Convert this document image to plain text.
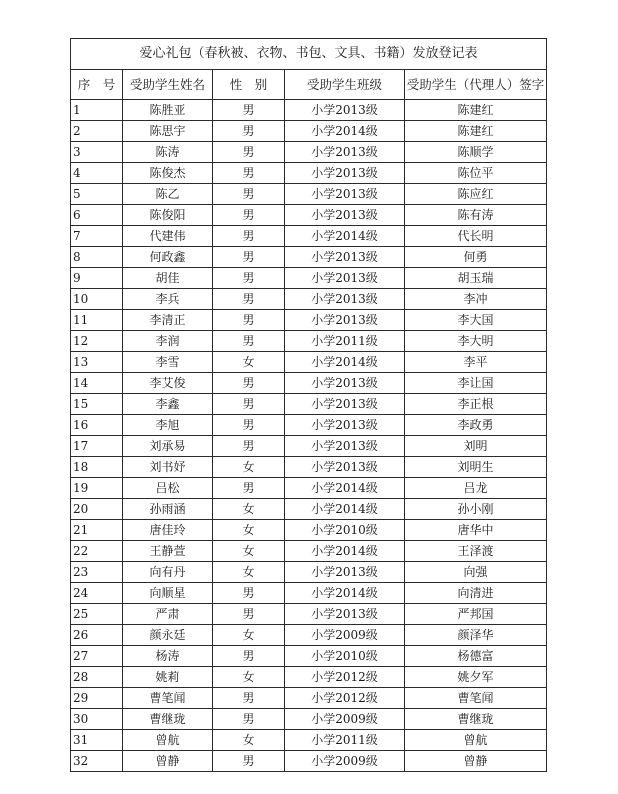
爱心礼包（春秋被、衣物、书包、文具、书籍）发放登记表				
序　号	受助学生姓名	性　别	受助学生班级	受助学生（代理人）签字
1	陈胜亚	男	小学2013级	陈建红
2	陈思宇	男	小学2014级	陈建红
3	陈涛	男	小学2013级	陈顺学
4	陈俊杰	男	小学2013级	陈位平
5	陈乙	男	小学2013级	陈应红
6	陈俊阳	男	小学2013级	陈有涛
7	代建伟	男	小学2014级	代长明
8	何政鑫	男	小学2013级	何勇
9	胡佳	男	小学2013级	胡玉瑞
10	李兵	男	小学2013级	李冲
11	李清正	男	小学2013级	李大国
12	李润	男	小学2011级	李大明
13	李雪	女	小学2014级	李平
14	李艾俊	男	小学2013级	李让国
15	李鑫	男	小学2013级	李正根
16	李旭	男	小学2013级	李政勇
17	刘承易	男	小学2013级	刘明
18	刘书妤	女	小学2013级	刘明生
19	吕松	男	小学2014级	吕龙
20	孙雨涵	女	小学2014级	孙小刚
21	唐佳玲	女	小学2010级	唐华中
22	王静萱	女	小学2014级	王泽渡
23	向有丹	女	小学2013级	向强
24	向顺星	男	小学2014级	向清进
25	严肃	男	小学2013级	严邦国
26	颜永廷	女	小学2009级	颜泽华
27	杨涛	男	小学2010级	杨德富
28	姚莉	女	小学2012级	姚夕军
29	曹笔闻	男	小学2012级	曹笔闻
30	曹继珑	男	小学2009级	曹继珑
31	曾航	女	小学2011级	曾航
32	曾静	男	小学2009级	曾静
